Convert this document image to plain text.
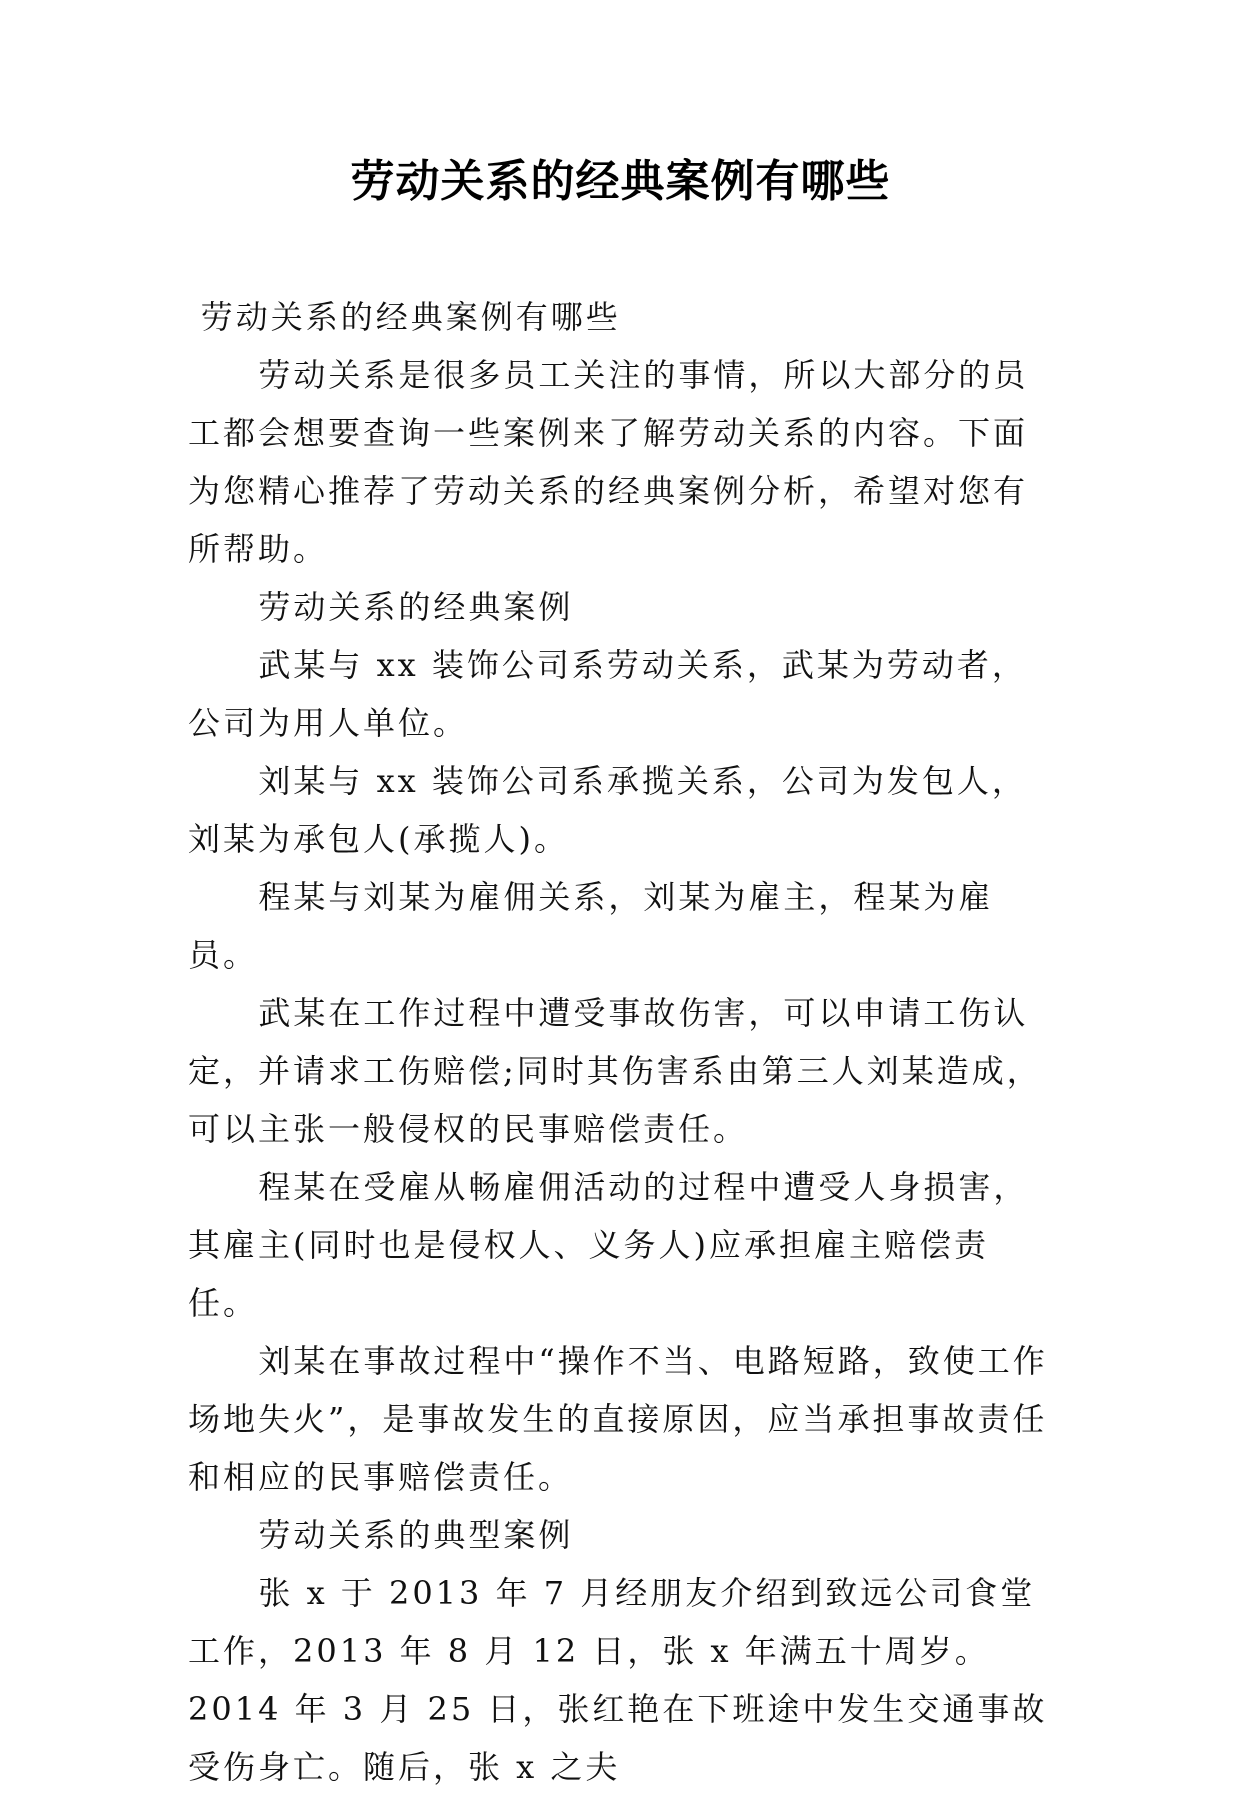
劳动关系的经典案例有哪些

劳动关系的经典案例有哪些

劳动关系是很多员工关注的事情，所以大部分的员工都会想要查询一些案例来了解劳动关系的内容。下面为您精心推荐了劳动关系的经典案例分析，希望对您有所帮助。

劳动关系的经典案例

武某与 xx 装饰公司系劳动关系，武某为劳动者，公司为用人单位。

刘某与 xx 装饰公司系承揽关系，公司为发包人，刘某为承包人(承揽人)。

程某与刘某为雇佣关系，刘某为雇主，程某为雇员。

武某在工作过程中遭受事故伤害，可以申请工伤认定，并请求工伤赔偿;同时其伤害系由第三人刘某造成，可以主张一般侵权的民事赔偿责任。

程某在受雇从畅雇佣活动的过程中遭受人身损害，其雇主(同时也是侵权人、义务人)应承担雇主赔偿责任。

刘某在事故过程中“操作不当、电路短路，致使工作场地失火”，是事故发生的直接原因，应当承担事故责任和相应的民事赔偿责任。

劳动关系的典型案例

张 x 于 2013 年 7 月经朋友介绍到致远公司食堂工作，2013 年 8 月 12 日，张 x 年满五十周岁。2014 年 3 月 25 日，张红艳在下班途中发生交通事故受伤身亡。随后，张 x 之夫
